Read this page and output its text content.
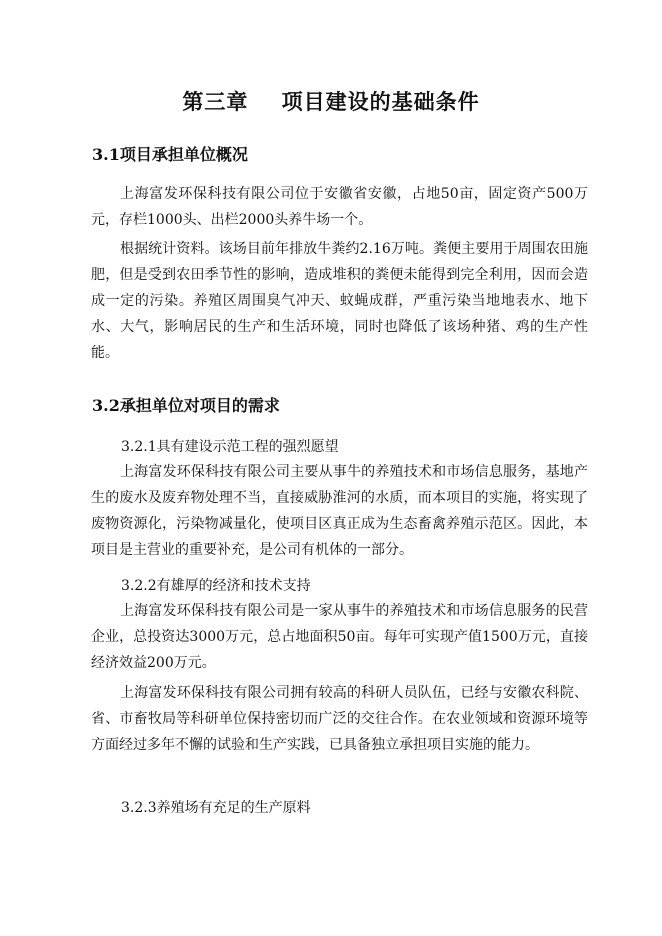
第三章    项目建设的基础条件
3.1项目承担单位概况

上海富发环保科技有限公司位于安徽省安徽，占地50亩，固定资产500万元，存栏1000头、出栏2000头养牛场一个。

根据统计资料。该场目前年排放牛粪约2.16万吨。粪便主要用于周围农田施肥，但是受到农田季节性的影响，造成堆积的粪便未能得到完全利用，因而会造成一定的污染。养殖区周围臭气冲天、蚊蝇成群，严重污染当地地表水、地下水、大气，影响居民的生产和生活环境，同时也降低了该场种猪、鸡的生产性能。

3.2承担单位对项目的需求
3.2.1具有建设示范工程的强烈愿望

上海富发环保科技有限公司主要从事牛的养殖技术和市场信息服务，基地产生的废水及废弃物处理不当，直接威胁淮河的水质，而本项目的实施，将实现了废物资源化，污染物减量化，使项目区真正成为生态畜禽养殖示范区。因此，本项目是主营业的重要补充，是公司有机体的一部分。

3.2.2有雄厚的经济和技术支持

上海富发环保科技有限公司是一家从事牛的养殖技术和市场信息服务的民营企业，总投资达3000万元，总占地面积50亩。每年可实现产值1500万元，直接经济效益200万元。

上海富发环保科技有限公司拥有较高的科研人员队伍，已经与安徽农科院、省、市畜牧局等科研单位保持密切而广泛的交往合作。在农业领域和资源环境等方面经过多年不懈的试验和生产实践，已具备独立承担项目实施的能力。

3.2.3养殖场有充足的生产原料
